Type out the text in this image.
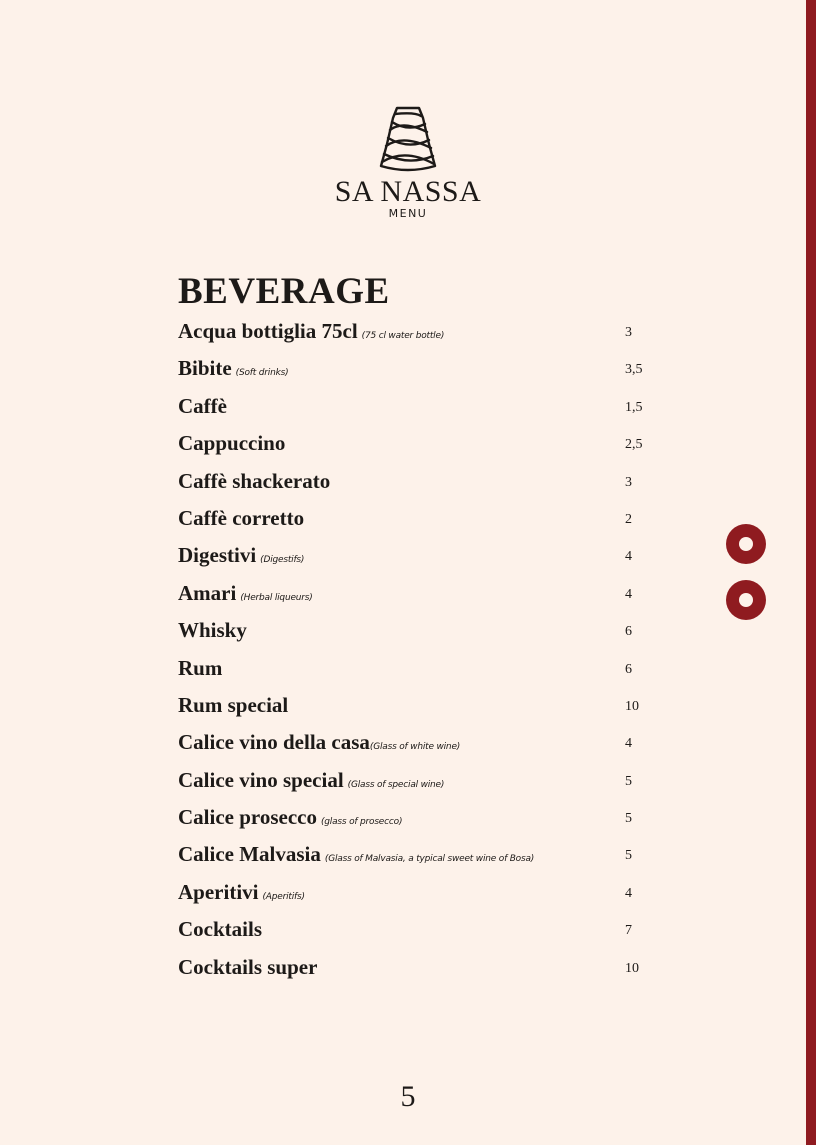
SA NASSA
MENU
BEVERAGE
Acqua bottiglia 75cl (75 cl water bottle)	3
Bibite (Soft drinks)	3,5
Caffè	1,5
Cappuccino	2,5
Caffè shackerato	3
Caffè corretto	2
Digestivi (Digestifs)	4
Amari (Herbal liqueurs)	4
Whisky	6
Rum	6
Rum special	10
Calice vino della casa(Glass of white wine)	4
Calice vino special (Glass of special wine)	5
Calice prosecco (glass of prosecco)	5
Calice Malvasia (Glass of Malvasia, a typical sweet wine of Bosa)	5
Aperitivi (Aperitifs)	4
Cocktails	7
Cocktails super	10
5
